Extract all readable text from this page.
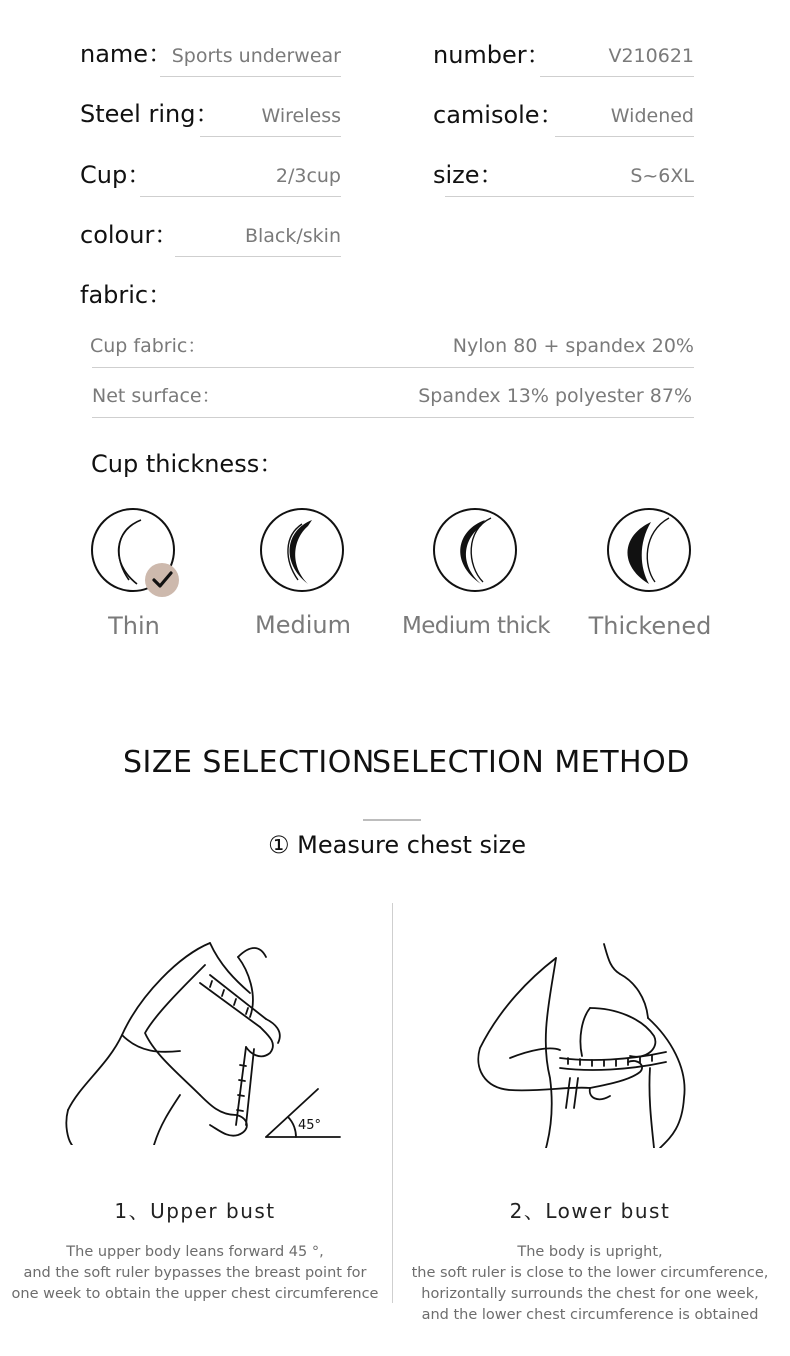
name： Sports underwear	number：	V210621
Steel ring：	Wireless	camisole：	Widened
Cup：	2/3cup	size：	S~6XL
colour：	Black/skin
fabric：
Cup fabric：	Nylon 80 + spandex 20%
Net surface：	Spandex 13% polyester 87%
Cup thickness：
Thin	Medium	Medium thick	Thickened
SIZE SELECTION
SELECTION METHOD
① Measure chest size
45°
1、Upper bust	2、Lower bust
The upper body leans forward 45 °,
and the soft ruler bypasses the breast point for
one week to obtain the upper chest circumference
The body is upright,
the soft ruler is close to the lower circumference,
horizontally surrounds the chest for one week,
and the lower chest circumference is obtained
